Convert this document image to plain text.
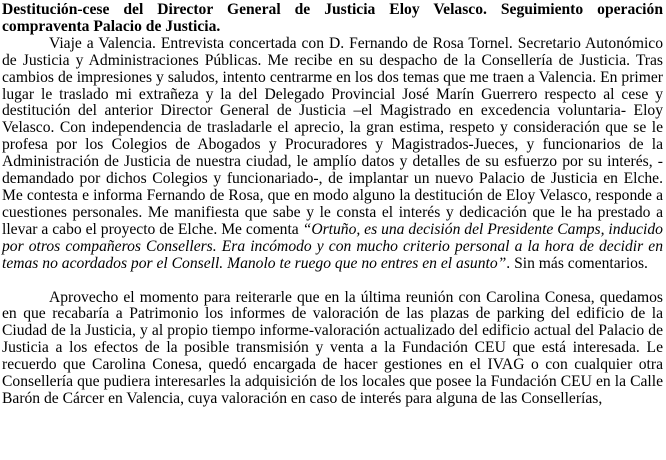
Destitución-cese del Director General de Justicia Eloy Velasco. Seguimiento operación compraventa Palacio de Justicia.

Viaje a Valencia. Entrevista concertada con D. Fernando de Rosa Tornel. Secretario Autonómico de Justicia y Administraciones Públicas. Me recibe en su despacho de la Consellería de Justicia. Tras cambios de impresiones y saludos, intento centrarme en los dos temas que me traen a Valencia. En primer lugar le traslado mi extrañeza y la del Delegado Provincial José Marín Guerrero respecto al cese y destitución del anterior Director General de Justicia –el Magistrado en excedencia voluntaria- Eloy Velasco. Con independencia de trasladarle el aprecio, la gran estima, respeto y consideración que se le profesa por los Colegios de Abogados y Procuradores y Magistrados-Jueces, y funcionarios de la Administración de Justicia de nuestra ciudad, le amplío datos y detalles de su esfuerzo por su interés, -demandado por dichos Colegios y funcionariado-, de implantar un nuevo Palacio de Justicia en Elche. Me contesta e informa Fernando de Rosa, que en modo alguno la destitución de Eloy Velasco, responde a cuestiones personales. Me manifiesta que sabe y le consta el interés y dedicación que le ha prestado a llevar a cabo el proyecto de Elche. Me comenta “Ortuño, es una decisión del Presidente Camps, inducido por otros compañeros Consellers. Era incómodo y con mucho criterio personal a la hora de decidir en temas no acordados por el Consell. Manolo te ruego que no entres en el asunto”. Sin más comentarios.

Aprovecho el momento para reiterarle que en la última reunión con Carolina Conesa, quedamos en que recabaría a Patrimonio los informes de valoración de las plazas de parking del edificio de la Ciudad de la Justicia, y al propio tiempo informe-valoración actualizado del edificio actual del Palacio de Justicia a los efectos de la posible transmisión y venta a la Fundación CEU que está interesada. Le recuerdo que Carolina Conesa, quedó encargada de hacer gestiones en el IVAG o con cualquier otra Consellería que pudiera interesarles la adquisición de los locales que posee la Fundación CEU en la Calle Barón de Cárcer en Valencia, cuya valoración en caso de interés para alguna de las Consellerías,
